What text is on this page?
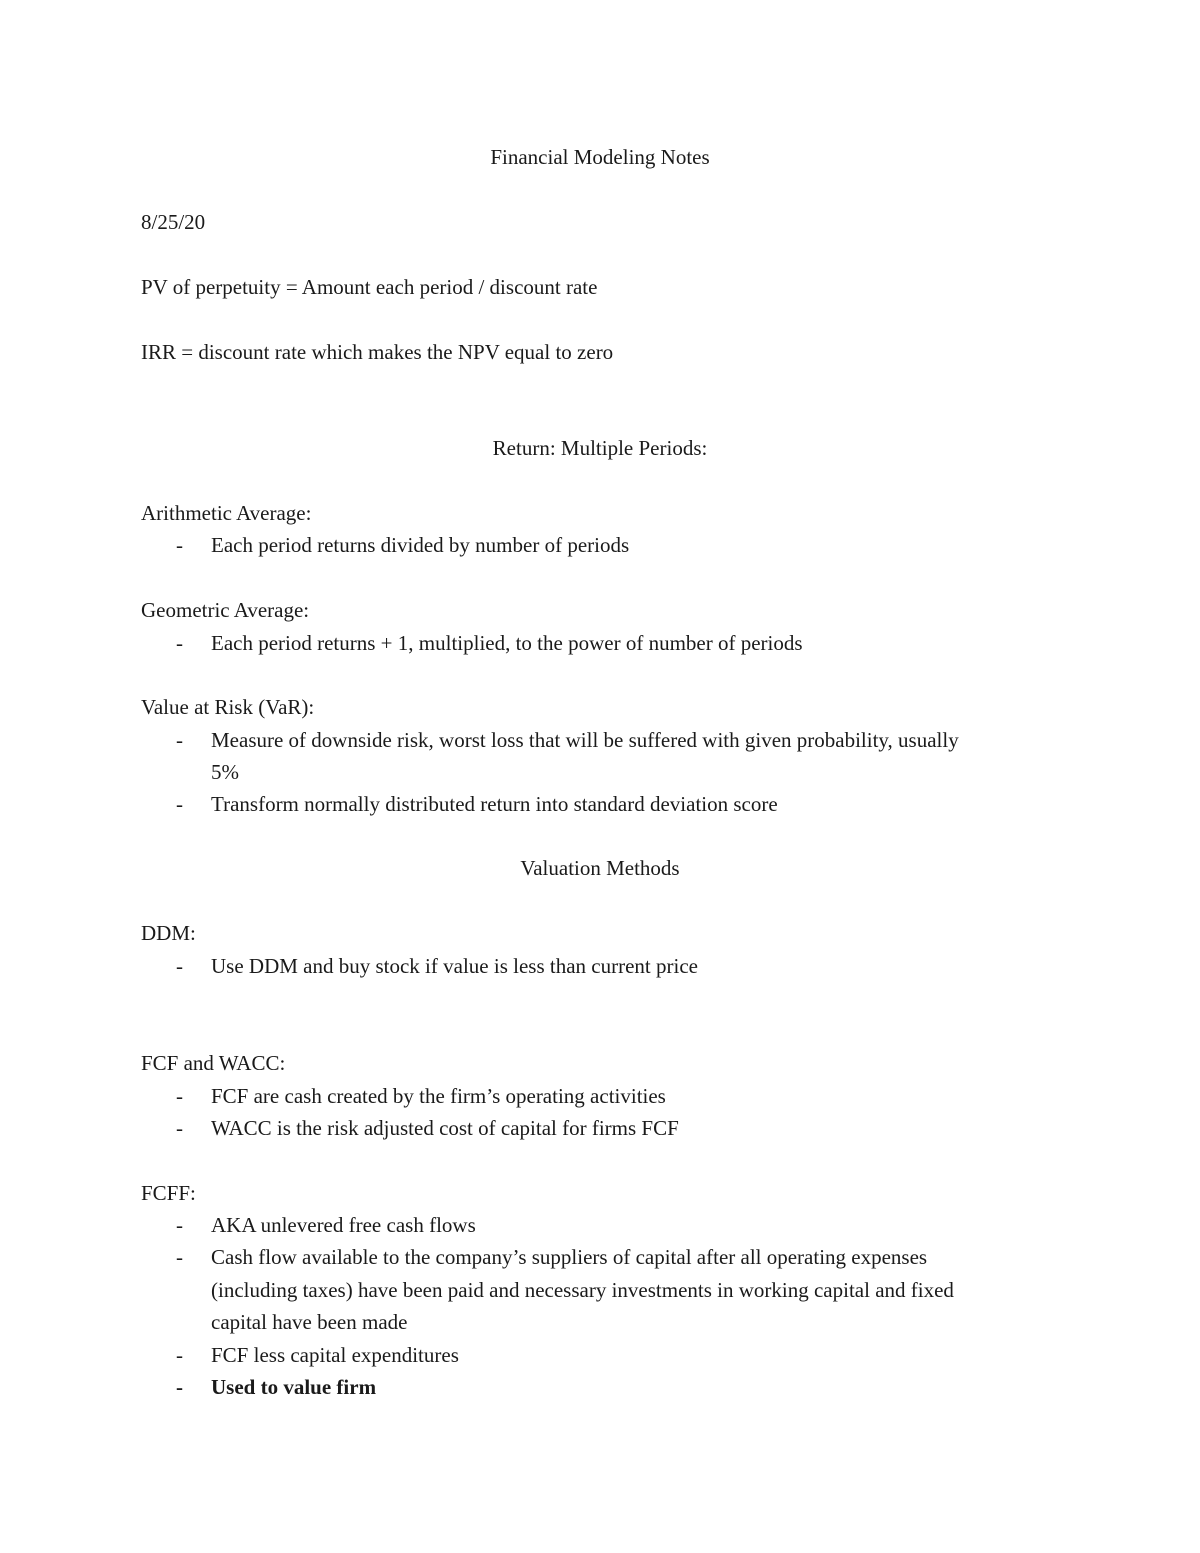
Financial Modeling Notes
8/25/20
PV of perpetuity = Amount each period / discount rate
IRR = discount rate which makes the NPV equal to zero
Return: Multiple Periods:
Arithmetic Average:
- Each period returns divided by number of periods
Geometric Average:
- Each period returns + 1, multiplied, to the power of number of periods
Value at Risk (VaR):
- Measure of downside risk, worst loss that will be suffered with given probability, usually
5%
- Transform normally distributed return into standard deviation score
Valuation Methods
DDM:
- Use DDM and buy stock if value is less than current price
FCF and WACC:
- FCF are cash created by the firm’s operating activities
- WACC is the risk adjusted cost of capital for firms FCF
FCFF:
- AKA unlevered free cash flows
- Cash flow available to the company’s suppliers of capital after all operating expenses
(including taxes) have been paid and necessary investments in working capital and fixed
capital have been made
- FCF less capital expenditures
- Used to value firm
